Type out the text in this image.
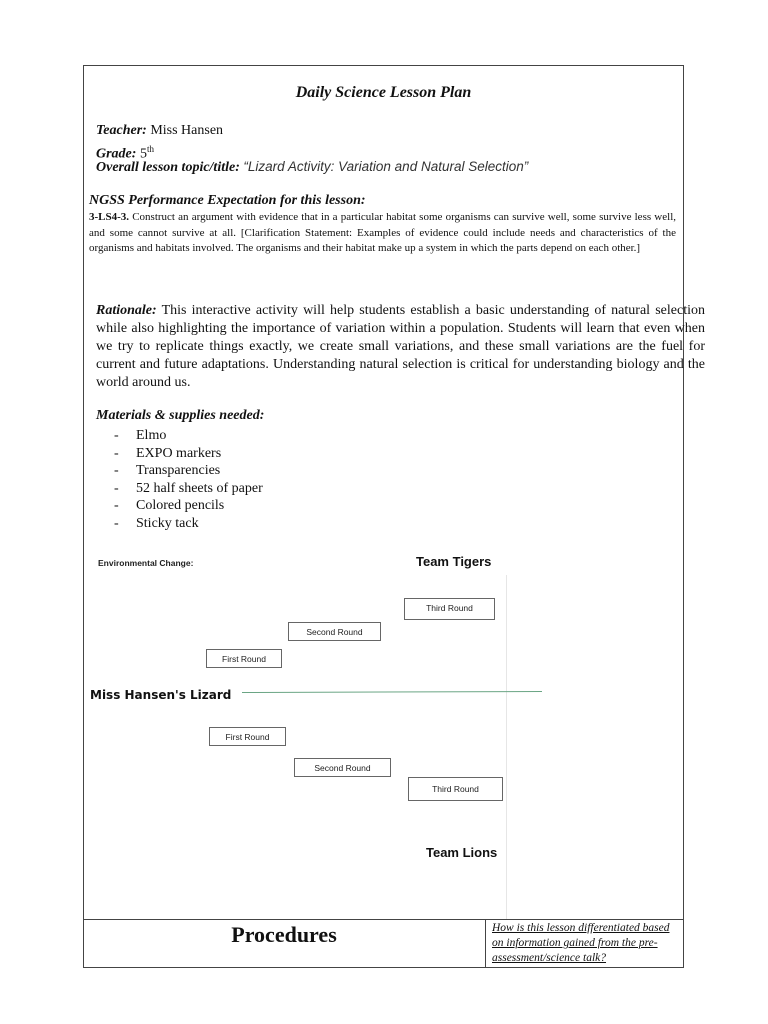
Daily Science Lesson Plan
Teacher: Miss Hansen
Grade: 5th
Overall lesson topic/title: “Lizard Activity: Variation and Natural Selection”
NGSS Performance Expectation for this lesson:
3-LS4-3. Construct an argument with evidence that in a particular habitat some organisms can survive well, some survive less well, and some cannot survive at all. [Clarification Statement: Examples of evidence could include needs and characteristics of the organisms and habitats involved. The organisms and their habitat make up a system in which the parts depend on each other.]
Rationale: This interactive activity will help students establish a basic understanding of natural selection while also highlighting the importance of variation within a population. Students will learn that even when we try to replicate things exactly, we create small variations, and these small variations are the fuel for current and future adaptations. Understanding natural selection is critical for understanding biology and the world around us.
Materials & supplies needed:
- Elmo
- EXPO markers
- Transparencies
- 52 half sheets of paper
- Colored pencils
- Sticky tack
Environmental Change:	Team Tigers
Third Round
Second Round
First Round
Miss Hansen's Lizard
First Round
Second Round
Third Round
Team Lions
Procedures	How is this lesson differentiated based on information gained from the pre-assessment/science talk?
